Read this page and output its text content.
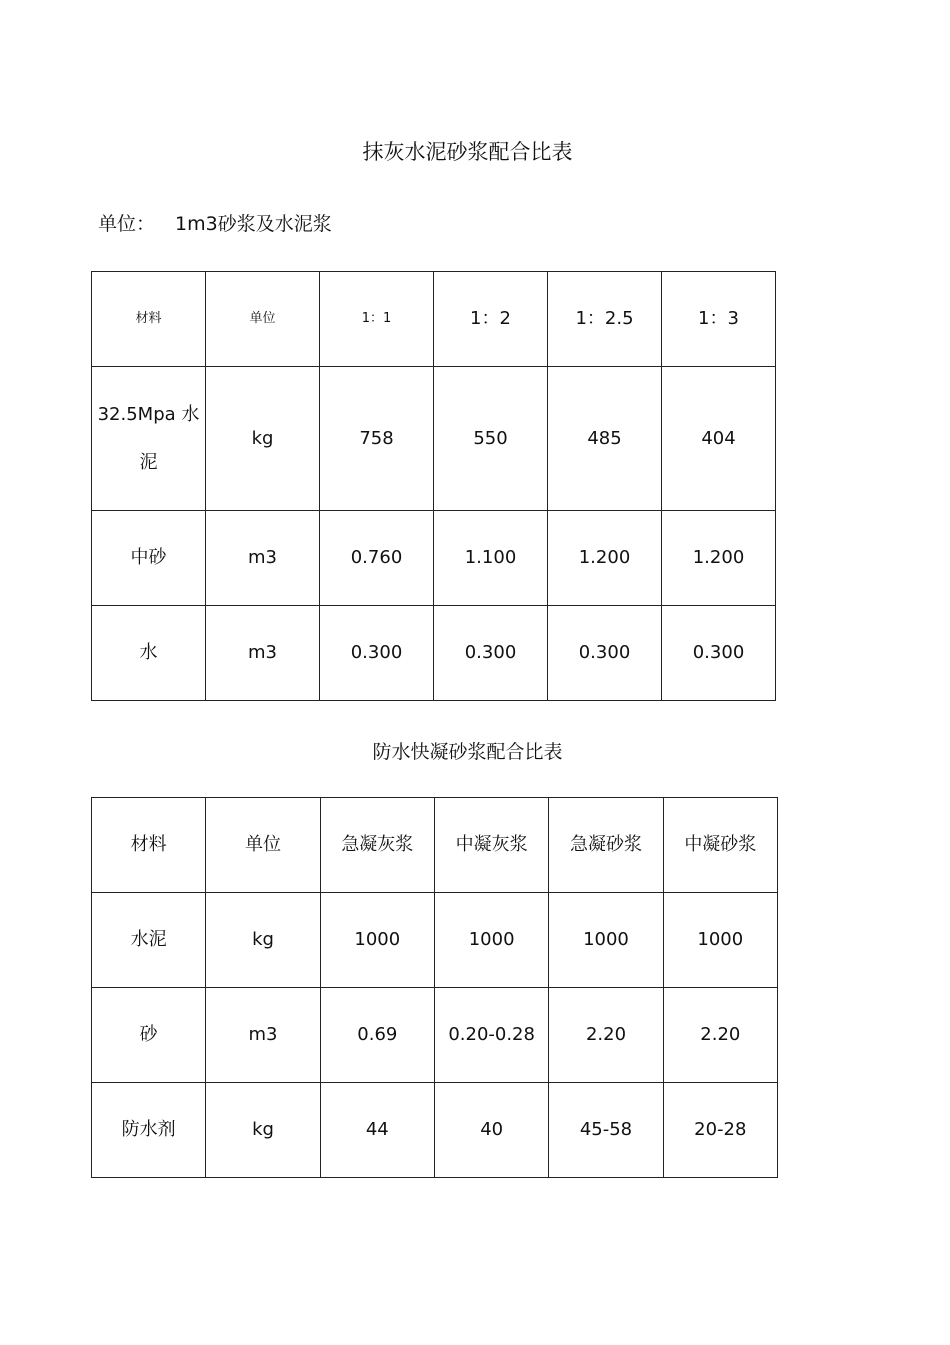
抹灰水泥砂浆配合比表
单位： 1m3砂浆及水泥浆
材料	单位	1：1	1：2	1：2.5	1：3
32.5Mpa 水泥	kg	758	550	485	404
中砂	m3	0.760	1.100	1.200	1.200
水	m3	0.300	0.300	0.300	0.300
防水快凝砂浆配合比表
材料	单位	急凝灰浆	中凝灰浆	急凝砂浆	中凝砂浆
水泥	kg	1000	1000	1000	1000
砂	m3	0.69	0.20-0.28	2.20	2.20
防水剂	kg	44	40	45-58	20-28
